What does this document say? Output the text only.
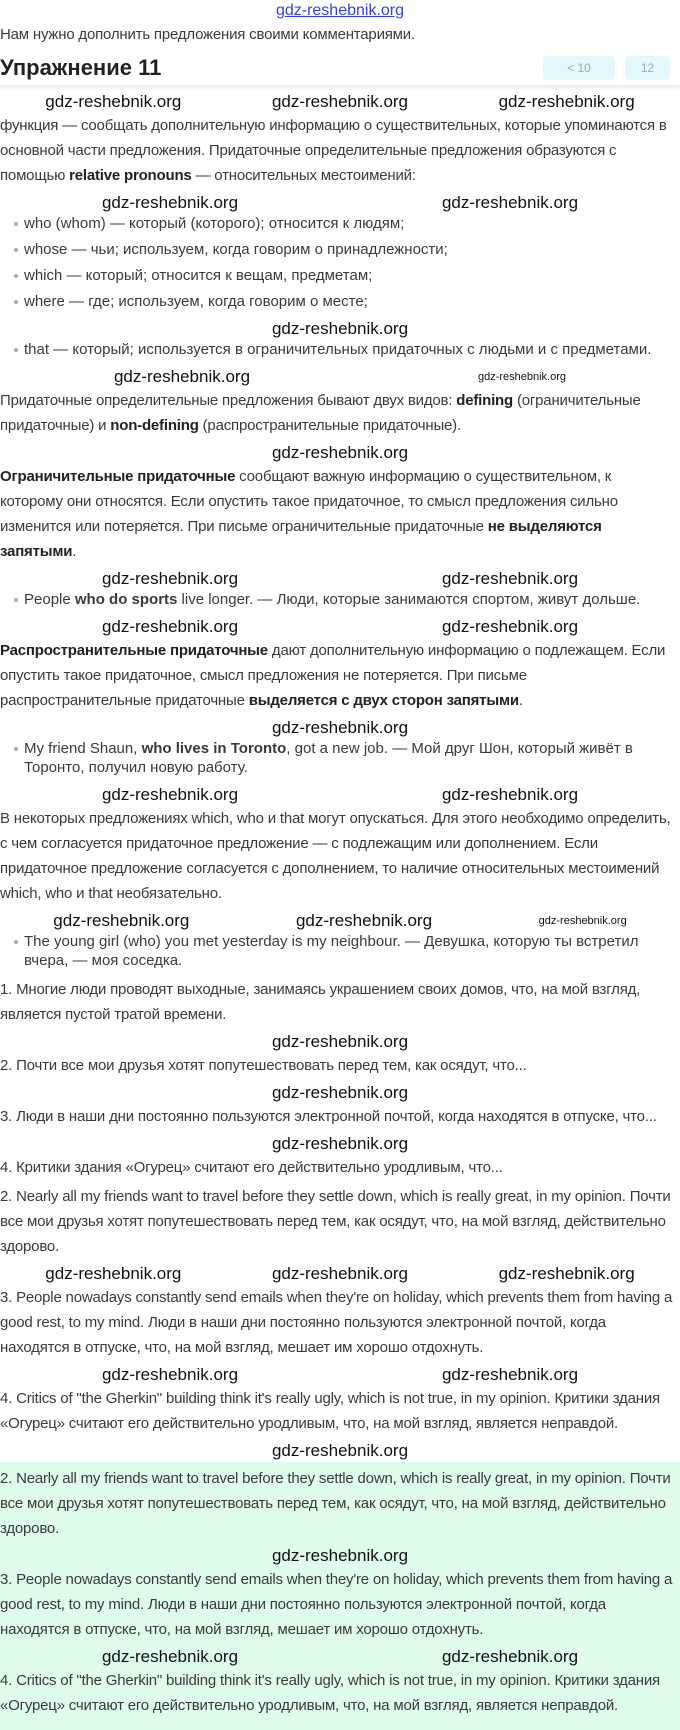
gdz-reshebnik.org
Нам нужно дополнить предложения своими комментариями.
Упражнение 11	< 10	12
gdz-reshebnik.org	gdz-reshebnik.org	gdz-reshebnik.org
функция — сообщать дополнительную информацию о существительных, которые упоминаются в основной части предложения. Придаточные определительные предложения образуются с помощью relative pronouns — относительных местоимений:
gdz-reshebnik.org	gdz-reshebnik.org
who (whom) — который (которого); относится к людям;
whose — чьи; используем, когда говорим о принадлежности;
which — который; относится к вещам, предметам;
where — где; используем, когда говорим о месте;
gdz-reshebnik.org
that — который; используется в ограничительных придаточных с людьми и с предметами.
gdz-reshebnik.org	gdz-reshebnik.org
Придаточные определительные предложения бывают двух видов: defining (ограничительные придаточные) и non-defining (распространительные придаточные).
gdz-reshebnik.org
Ограничительные придаточные сообщают важную информацию о существительном, к которому они относятся. Если опустить такое придаточное, то смысл предложения сильно изменится или потеряется. При письме ограничительные придаточные не выделяются запятыми.
gdz-reshebnik.org	gdz-reshebnik.org
People who do sports live longer. — Люди, которые занимаются спортом, живут дольше.
gdz-reshebnik.org	gdz-reshebnik.org
Распространительные придаточные дают дополнительную информацию о подлежащем. Если опустить такое придаточное, смысл предложения не потеряется. При письме распространительные придаточные выделяется с двух сторон запятыми.
gdz-reshebnik.org
My friend Shaun, who lives in Toronto, got a new job. — Мой друг Шон, который живёт в Торонто, получил новую работу.
gdz-reshebnik.org	gdz-reshebnik.org
В некоторых предложениях which, who и that могут опускаться. Для этого необходимо определить, с чем согласуется придаточное предложение — с подлежащим или дополнением. Если придаточное предложение согласуется с дополнением, то наличие относительных местоимений which, who и that необязательно.
gdz-reshebnik.org	gdz-reshebnik.org	gdz-reshebnik.org
The young girl (who) you met yesterday is my neighbour. — Девушка, которую ты встретил вчера, — моя соседка.
1. Многие люди проводят выходные, занимаясь украшением своих домов, что, на мой взгляд, является пустой тратой времени.
gdz-reshebnik.org
2. Почти все мои друзья хотят попутешествовать перед тем, как осядут, что...
gdz-reshebnik.org
3. Люди в наши дни постоянно пользуются электронной почтой, когда находятся в отпуске, что...
gdz-reshebnik.org
4. Критики здания «Огурец» считают его действительно уродливым, что...
2. Nearly all my friends want to travel before they settle down, which is really great, in my opinion. Почти все мои друзья хотят попутешествовать перед тем, как осядут, что, на мой взгляд, действительно здорово.
gdz-reshebnik.org	gdz-reshebnik.org	gdz-reshebnik.org
3. People nowadays constantly send emails when they're on holiday, which prevents them from having a good rest, to my mind. Люди в наши дни постоянно пользуются электронной почтой, когда находятся в отпуске, что, на мой взгляд, мешает им хорошо отдохнуть.
gdz-reshebnik.org	gdz-reshebnik.org
4. Critics of "the Gherkin" building think it's really ugly, which is not true, in my opinion. Критики здания «Огурец» считают его действительно уродливым, что, на мой взгляд, является неправдой.
gdz-reshebnik.org
2. Nearly all my friends want to travel before they settle down, which is really great, in my opinion. Почти все мои друзья хотят попутешествовать перед тем, как осядут, что, на мой взгляд, действительно здорово.
gdz-reshebnik.org
3. People nowadays constantly send emails when they're on holiday, which prevents them from having a good rest, to my mind. Люди в наши дни постоянно пользуются электронной почтой, когда находятся в отпуске, что, на мой взгляд, мешает им хорошо отдохнуть.
gdz-reshebnik.org	gdz-reshebnik.org
4. Critics of "the Gherkin" building think it's really ugly, which is not true, in my opinion. Критики здания «Огурец» считают его действительно уродливым, что, на мой взгляд, является неправдой.
